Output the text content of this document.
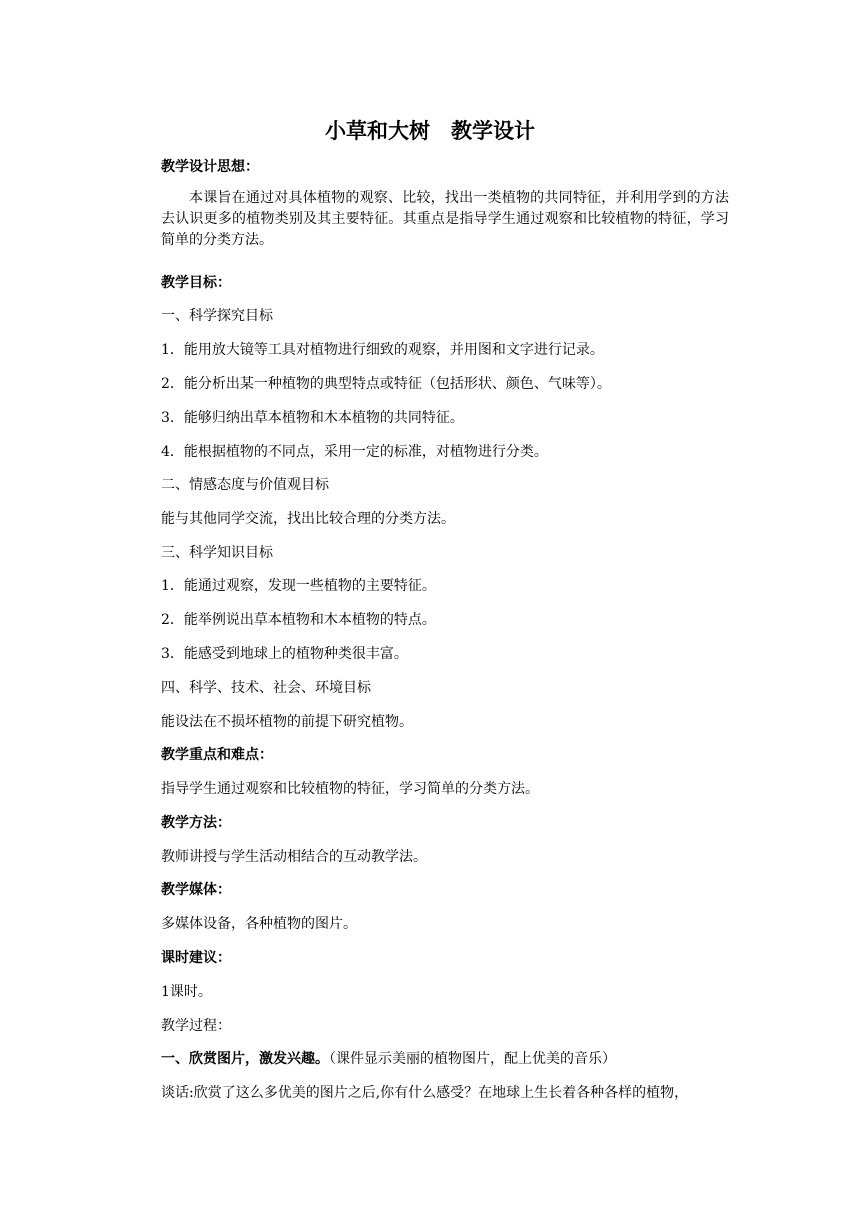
小草和大树　教学设计
教学设计思想：
本课旨在通过对具体植物的观察、比较，找出一类植物的共同特征，并利用学到的方法去认识更多的植物类别及其主要特征。其重点是指导学生通过观察和比较植物的特征，学习简单的分类方法。
教学目标：
一、科学探究目标
1．能用放大镜等工具对植物进行细致的观察，并用图和文字进行记录。
2．能分析出某一种植物的典型特点或特征（包括形状、颜色、气味等）。
3．能够归纳出草本植物和木本植物的共同特征。
4．能根据植物的不同点，采用一定的标准，对植物进行分类。
二、情感态度与价值观目标
能与其他同学交流，找出比较合理的分类方法。
三、科学知识目标
1．能通过观察，发现一些植物的主要特征。
2．能举例说出草本植物和木本植物的特点。
3．能感受到地球上的植物种类很丰富。
四、科学、技术、社会、环境目标
能设法在不损坏植物的前提下研究植物。
教学重点和难点：
指导学生通过观察和比较植物的特征，学习简单的分类方法。
教学方法：
教师讲授与学生活动相结合的互动教学法。
教学媒体：
多媒体设备，各种植物的图片。
课时建议：
1课时。
教学过程：
一、欣赏图片，激发兴趣。（课件显示美丽的植物图片，配上优美的音乐）
谈话:欣赏了这么多优美的图片之后,你有什么感受？在地球上生长着各种各样的植物，
